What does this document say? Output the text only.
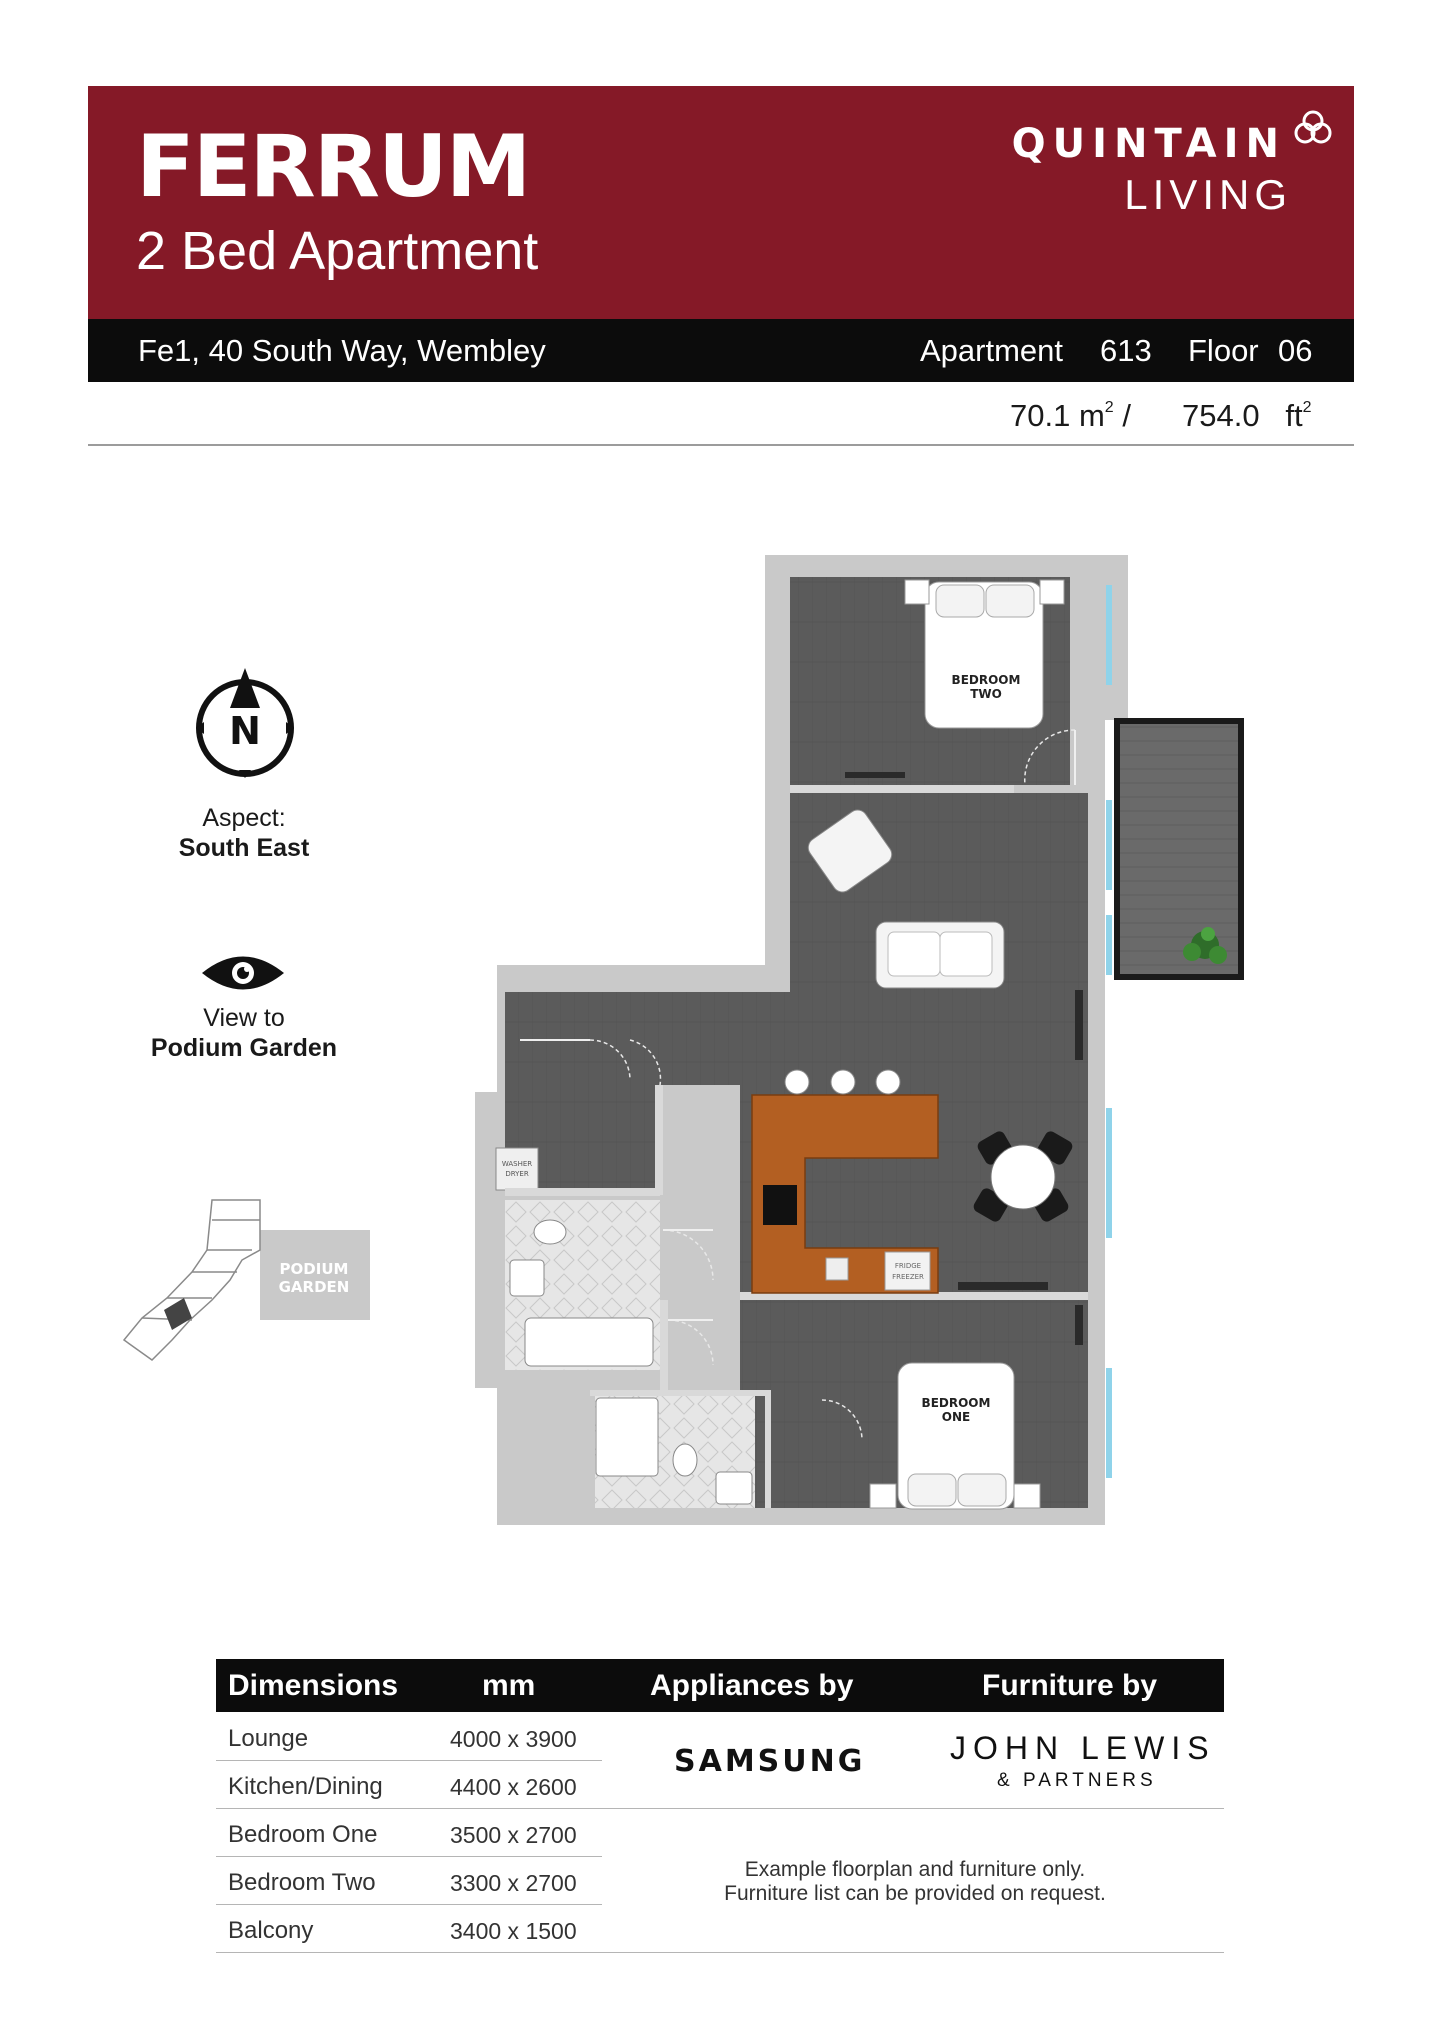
FERRUM
2 Bed Apartment
QUINTAIN
LIVING
Fe1, 40 South Way, Wembley	Apartment 613 Floor 06
70.1 $m^2 / 754.0$ $ft^2$
N
Aspect:
South East
View to
Podium Garden
PODIUM
GARDEN
WASHER
DRYER
FRIDGE
FREEZER
BEDROOM
TWO
BEDROOM
ONE
Dimensions	mm	Appliances by	Furniture by
Lounge	4000 x 3900
Kitchen/Dining	4400 x 2600
Bedroom One	3500 x 2700
Bedroom Two	3300 x 2700
Balcony	3400 x 1500
SAMSUNG	JOHN LEWIS
& PARTNERS
Example floorplan and furniture only.
Furniture list can be provided on request.
